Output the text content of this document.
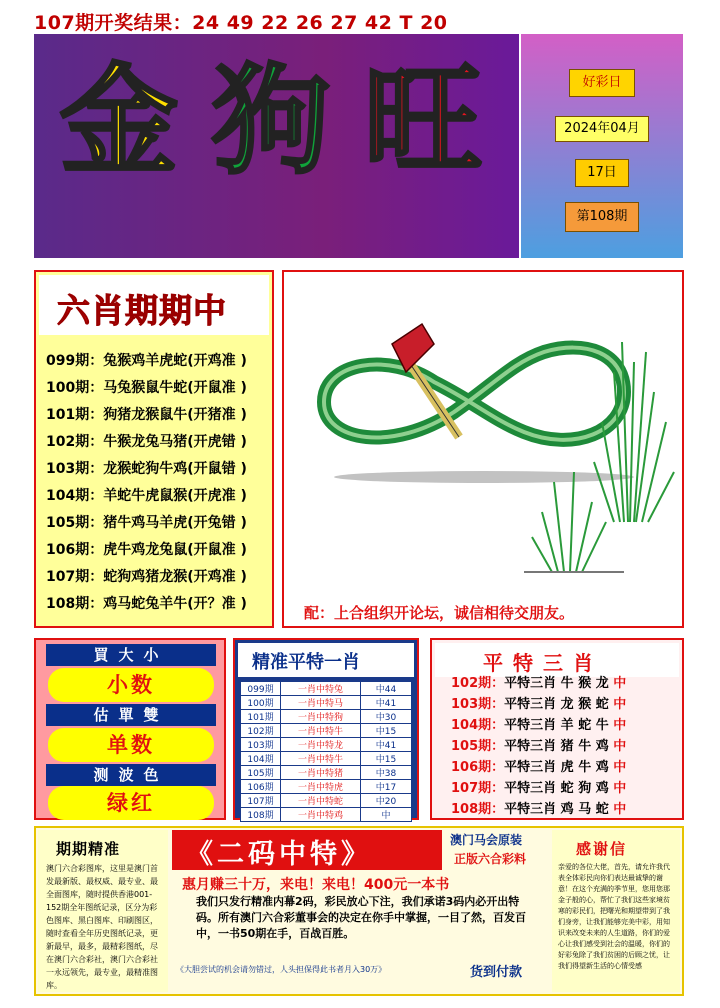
107期开奖结果：24 49 22 26 27 42 T 20
金 狗 旺	好彩日
2024年04月
17日
第108期
六肖期期中
099期：兔猴鸡羊虎蛇(开鸡准 )
100期：马兔猴鼠牛蛇(开鼠准 )
101期：狗猪龙猴鼠牛(开猪准 )
102期：牛猴龙兔马猪(开虎错 )
103期：龙猴蛇狗牛鸡(开鼠错 )
104期：羊蛇牛虎鼠猴(开虎准 )
105期：猪牛鸡马羊虎(开兔错 )
106期：虎牛鸡龙兔鼠(开鼠准 )
107期：蛇狗鸡猪龙猴(开鸡准 )
108期：鸡马蛇兔羊牛(开？准 )	配：上合组织开论坛，诚信相待交朋友。
買大小
小数
估單雙
单数
测波色
绿红
精准平特一肖
099期	一肖中特兔	中44
100期	一肖中特马	中41
101期	一肖中特狗	中30
102期	一肖中特牛	中15
103期	一肖中特龙	中41
104期	一肖中特牛	中15
105期	一肖中特猪	中38
106期	一肖中特虎	中17
107期	一肖中特蛇	中20
108期	一肖中特鸡	中
平特三肖
102期：平特三肖 牛 猴 龙 中
103期：平特三肖 龙 猴 蛇 中
104期：平特三肖 羊 蛇 牛 中
105期：平特三肖 猪 牛 鸡 中
106期：平特三肖 虎 牛 鸡 中
107期：平特三肖 蛇 狗 鸡 中
108期：平特三肖 鸡 马 蛇 中
期期精准
澳门六合彩图库，这里是澳门首发最新版、最权威、最专业、最全面图库，随时提供香港001-152期全年图纸记录，区分为彩色图库、黑白图库、印刷图区，随时查看全年历史图纸记录，更新最早，最多，最精彩图纸，尽在澳门六合彩社，澳门六合彩社一永远领先，最专业，最精准图库。
《二码中特》	澳门马会原装
正版六合彩料
惠月赚三十万，来电！来电！400元一本书
我们只发行精准内幕2码，彩民放心下注，我们承诺3码内必开出特码。所有澳门六合彩董事会的决定在你手中掌握，一目了然，百发百中，一书50期在手，百战百胜。
《大胆尝试的机会请勿错过，人头担保得此书者月入30万》	货到付款
感谢信
亲爱的各位大佬，首先，请允许我代表全体彩民向你们表达最诚挚的谢意！在这个充满的季节里，您用您那金子般的心，帮忙了我们这些家境贫寒的彩民们，把曙光和期望带到了我们身旁，让我们能够完美中彩，用知识来改变未来的人生道路，你们的爱心让我们感受到社会的温暖，你们的好彩兔除了我们贫困的后顾之忧，让我们得望新生活的心情受感
